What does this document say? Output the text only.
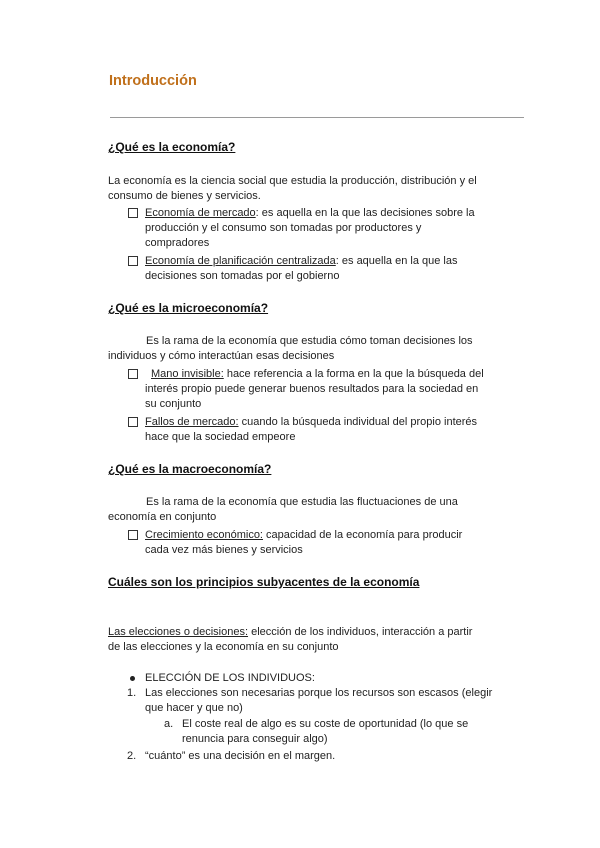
Introducción
¿Qué es la economía?
La economía es la ciencia social que estudia la producción, distribución y el
consumo de bienes y servicios.
Economía de mercado: es aquella en la que las decisiones sobre la
producción y el consumo son tomadas por productores y
compradores
Economía de planificación centralizada: es aquella en la que las
decisiones son tomadas por el gobierno
¿Qué es la microeconomía?
Es la rama de la economía que estudia cómo toman decisiones los
individuos y cómo interactúan esas decisiones
Mano invisible: hace referencia a la forma en la que la búsqueda del
interés propio puede generar buenos resultados para la sociedad en
su conjunto
Fallos de mercado: cuando la búsqueda individual del propio interés
hace que la sociedad empeore
¿Qué es la macroeconomía?
Es la rama de la economía que estudia las fluctuaciones de una
economía en conjunto
Crecimiento económico: capacidad de la economía para producir
cada vez más bienes y servicios
Cuáles son los principios subyacentes de la economía
Las elecciones o decisiones: elección de los individuos, interacción a partir
de las elecciones y la economía en su conjunto
ELECCIÓN DE LOS INDIVIDUOS:
1. Las elecciones son necesarias porque los recursos son escasos (elegir
que hacer y que no)
a. El coste real de algo es su coste de oportunidad (lo que se
renuncia para conseguir algo)
2. “cuánto” es una decisión en el margen.
